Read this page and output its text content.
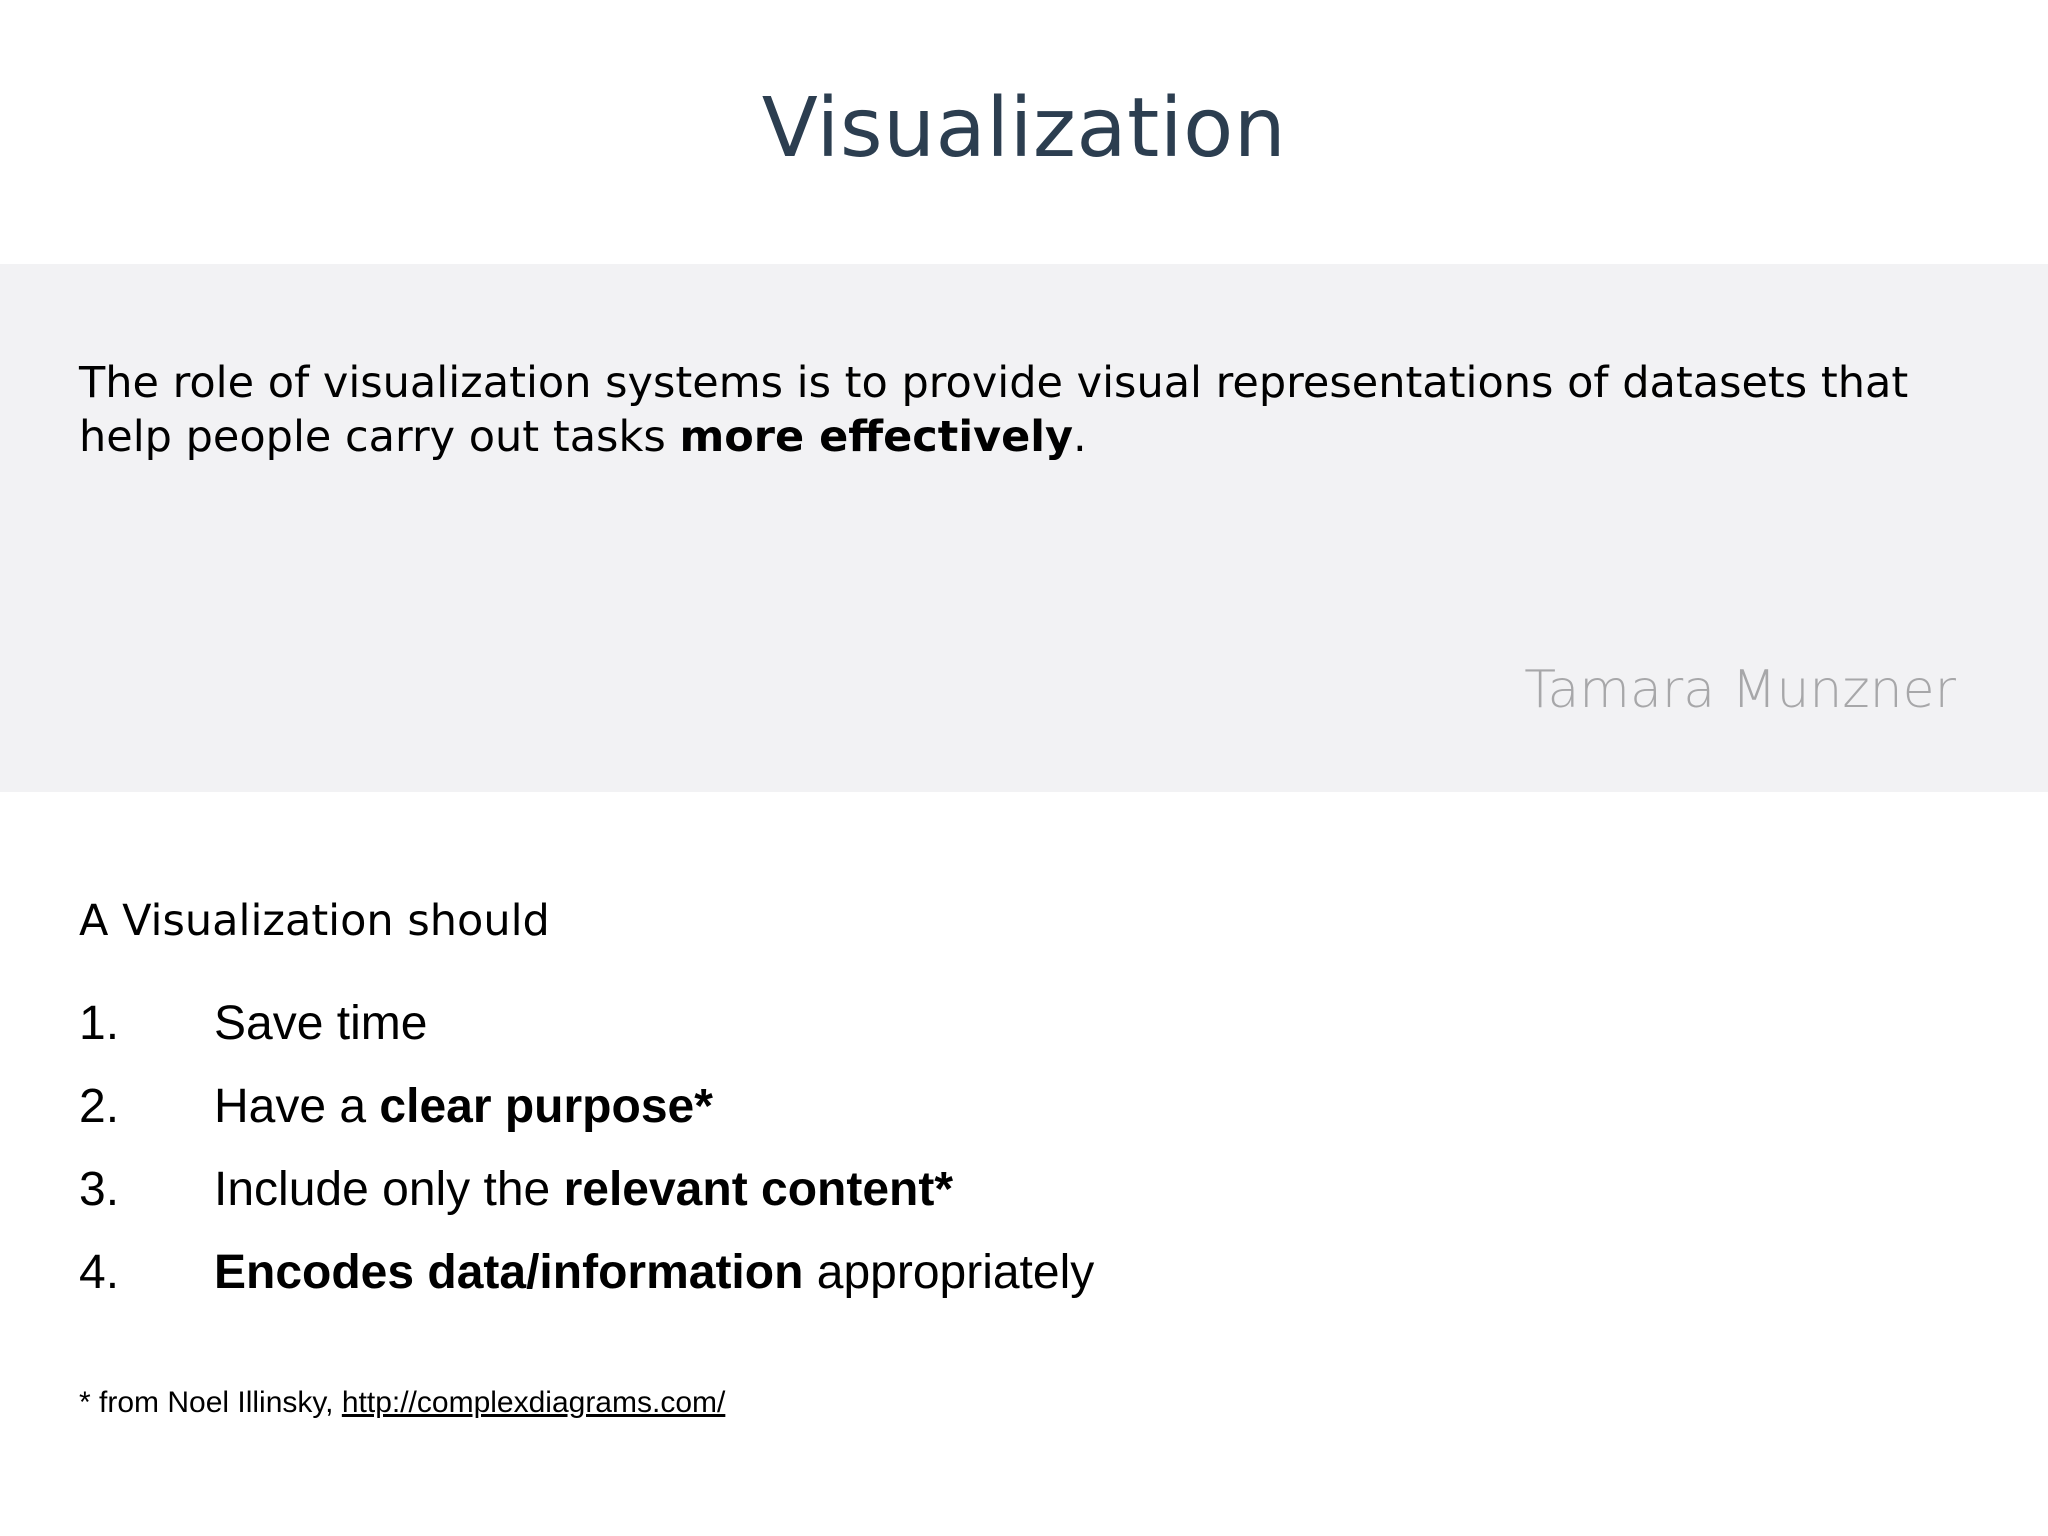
Visualization

The role of visualization systems is to provide visual representations of datasets that help people carry out tasks more effectively.

Tamara Munzner
A Visualization should
1.	Save time
2.	Have a clear purpose*
3.	Include only the relevant content*
4.	Encodes data/information appropriately
* from Noel Illinsky, http://complexdiagrams.com/
